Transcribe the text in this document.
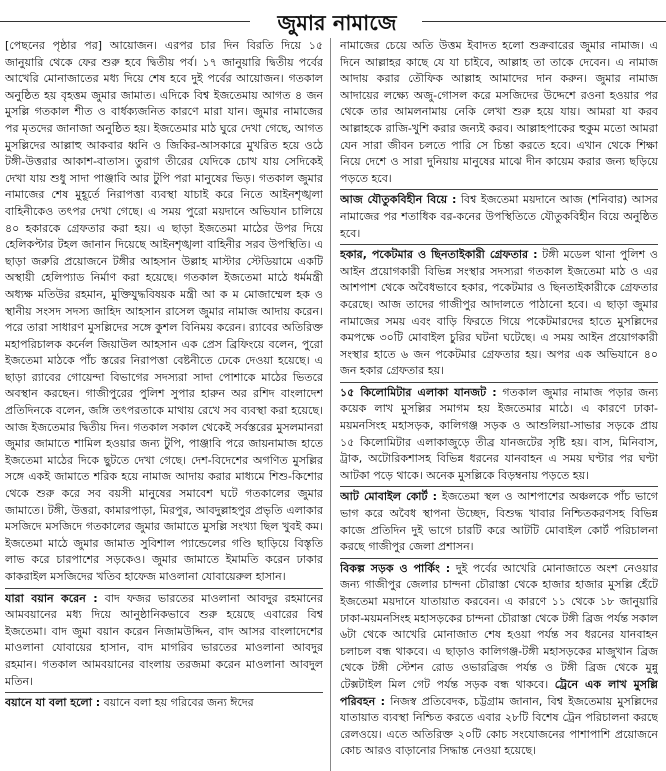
জুমার নামাজে

[পেছনের পৃষ্ঠার পর] আয়োজন। এরপর চার দিন বিরতি দিয়ে ১৫ জানুয়ারি থেকে ফের শুরু হবে দ্বিতীয় পর্ব। ১৭ জানুয়ারি দ্বিতীয় পর্বের আখেরি মোনাজাতের মধ্য দিয়ে শেষ হবে দুই পর্বের আয়োজন। গতকাল অনুষ্ঠিত হয় বৃহত্তম জুমার জামাত। এদিকে বিশ্ব ইজতেমায় আগত ৪ জন মুসল্লি গতকাল শীত ও বার্ধক্যজনিত কারণে মারা যান। জুমার নামাজের পর মৃতদের জানাজা অনুষ্ঠিত হয়। ইজতেমার মাঠ ঘুরে দেখা গেছে, আগত মুসল্লিদের আল্লাহু আকবার ধ্বনি ও জিকির-আসকারে মুখরিত হয়ে ওঠে টঙ্গী-উত্তরার আকাশ-বাতাস। তুরাগ তীরের যেদিকে চোখ যায় সেদিকেই দেখা যায় শুধু সাদা পাঞ্জাবি আর টুপি পরা মানুষের ভিড়। গতকাল জুমার নামাজের শেষ মুহূর্তে নিরাপত্তা ব্যবস্থা যাচাই করে নিতে আইনশৃঙ্খলা বাহিনীকেও তৎপর দেখা গেছে। এ সময় পুরো ময়দানে অভিযান চালিয়ে ৪০ হকারকে গ্রেফতার করা হয়। এ ছাড়া ইজতেমা মাঠের উপর দিয়ে হেলিকপ্টার টহল জানান দিয়েছে আইনশৃঙ্খলা বাহিনীর সরব উপস্থিতি। এ ছাড়া জরুরি প্রয়োজনে টঙ্গীর আহসান উল্লাহ মাস্টার স্টেডিয়ামে একটি অস্থায়ী হেলিপ্যাড নির্মাণ করা হয়েছে। গতকাল ইজতেমা মাঠে ধর্মমন্ত্রী অধ্যক্ষ মতিউর রহমান, মুক্তিযুদ্ধবিষয়ক মন্ত্রী আ ক ম মোজাম্মেল হক ও স্থানীয় সংসদ সদস্য জাহিদ আহসান রাসেল জুমার নামাজ আদায় করেন। পরে তারা সাধারণ মুসল্লিদের সঙ্গে কুশল বিনিময় করেন। র‌্যাবের অতিরিক্ত মহাপরিচালক কর্নেল জিয়াউল আহসান এক প্রেস ব্রিফিংয়ে বলেন, পুরো ইজতেমা মাঠকে পাঁচ স্তরের নিরাপত্তা বেষ্টনীতে ঢেকে দেওয়া হয়েছে। এ ছাড়া র‌্যাবের গোয়েন্দা বিভাগের সদস্যরা সাদা পোশাকে মাঠের ভিতরে অবস্থান করছেন। গাজীপুরের পুলিশ সুপার হারুন অর রশিদ বাংলাদেশ প্রতিদিনকে বলেন, জঙ্গি তৎপরতাকে মাথায় রেখে সব ব্যবস্থা করা হয়েছে। আজ ইজতেমার দ্বিতীয় দিন। গতকাল সকাল থেকেই সর্বস্তরের মুসলমানরা জুমার জামাতে শামিল হওয়ার জন্য টুপি, পাঞ্জাবি পরে জায়নামাজ হাতে ইজতেমা মাঠের দিকে ছুটতে দেখা গেছে। দেশ-বিদেশের অগণিত মুসল্লির সঙ্গে একই জামাতে শরিক হয়ে নামাজ আদায় করার মাধ্যমে শিশু-কিশোর থেকে শুরু করে সব বয়সী মানুষের সমাবেশ ঘটে গতকালের জুমার জামাতে। টঙ্গী, উত্তরা, কামারপাড়া, মিরপুর, আবদুল্লাহপুর প্রভৃতি এলাকার মসজিদে মসজিদে গতকালের জুমার জামাতে মুসল্লি সংখ্যা ছিল খুবই কম। ইজতেমা মাঠে জুমার জামাত সুবিশাল প্যান্ডেলের গণ্ডি ছাড়িয়ে বিস্তৃতি লাভ করে চারপাশের সড়কেও। জুমার জামাতে ইমামতি করেন ঢাকার কাকরাইল মসজিদের খতিব হাফেজ মাওলানা যোবায়েরুল হাসান।

যারা বয়ান করেন : বাদ ফজর ভারতের মাওলানা আবদুর রহমানের আমবয়ানের মধ্য দিয়ে আনুষ্ঠানিকভাবে শুরু হয়েছে এবারের বিশ্ব ইজতেমা। বাদ জুমা বয়ান করেন নিজামউদ্দিন, বাদ আসর বাংলাদেশের মাওলানা যোবায়ের হাসান, বাদ মাগরিব ভারতের মাওলানা আবদুর রহমান। গতকাল আমবয়ানের বাংলায় তরজমা করেন মাওলানা আবদুল মতিন।

বয়ানে যা বলা হলো : বয়ানে বলা হয় গরিবের জন্য ঈদের

নামাজের চেয়ে অতি উত্তম ইবাদত হলো শুক্রবারের জুমার নামাজ। এ দিনে আল্লাহর কাছে যে যা চাইবে, আল্লাহ তা তাকে দেবেন। এ নামাজ আদায় করার তৌফিক আল্লাহ আমাদের দান করুন। জুমার নামাজ আদায়ের লক্ষ্যে অজু-গোসল করে মসজিদের উদ্দেশে রওনা হওয়ার পর থেকে তার আমলনামায় নেকি লেখা শুরু হয়ে যায়। আমরা যা করব আল্লাহকে রাজি-খুশি করার জন্যই করব। আল্লাহপাকের হুকুম মতো আমরা যেন সারা জীবন চলতে পারি সে চিন্তা করতে হবে। এখান থেকে শিক্ষা নিয়ে দেশে ও সারা দুনিয়ায় মানুষের মাঝে দীন কায়েম করার জন্য ছড়িয়ে পড়তে হবে।

আজ যৌতুকবিহীন বিয়ে : বিশ্ব ইজতেমা ময়দানে আজ (শনিবার) আসর নামাজের পর শতাধিক বর-কনের উপস্থিতিতে যৌতুকবিহীন বিয়ে অনুষ্ঠিত হবে।

হকার, পকেটমার ও ছিনতাইকারী গ্রেফতার : টঙ্গী মডেল থানা পুলিশ ও আইন প্রয়োগকারী বিভিন্ন সংস্থার সদস্যরা গতকাল ইজতেমা মাঠ ও এর আশপাশ থেকে অবৈধভাবে হকার, পকেটমার ও ছিনতাইকারীকে গ্রেফতার করেছে। আজ তাদের গাজীপুর আদালতে পাঠানো হবে। এ ছাড়া জুমার নামাজের সময় এবং বাড়ি ফিরতে গিয়ে পকেটমারদের হাতে মুসল্লিদের কমপক্ষে ৩০টি মোবাইল চুরির ঘটনা ঘটেছে। এ সময় আইন প্রয়োগকারী সংস্থার হাতে ৬ জন পকেটমার গ্রেফতার হয়। অপর এক অভিযানে ৪০ জন হকার গ্রেফতার হয়।

১৫ কিলোমিটার এলাকা যানজট : গতকাল জুমার নামাজ পড়ার জন্য কয়েক লাখ মুসল্লির সমাগম হয় ইজতেমার মাঠে। এ কারণে ঢাকা-ময়মনসিংহ মহাসড়ক, কালিগঞ্জ সড়ক ও আশুলিয়া-সাভার সড়কে প্রায় ১৫ কিলোমিটার এলাকাজুড়ে তীব্র যানজটের সৃষ্টি হয়। বাস, মিনিবাস, ট্রাক, অটোরিকশাসহ বিভিন্ন ধরনের যানবাহন এ সময় ঘণ্টার পর ঘণ্টা আটকা পড়ে থাকে। অনেক মুসল্লিকে বিড়ম্বনায় পড়তে হয়।

আট মোবাইল কোর্ট : ইজতেমা স্থল ও আশপাশের অঞ্চলকে পাঁচ ভাগে ভাগ করে অবৈধ স্থাপনা উচ্ছেদ, বিশুদ্ধ খাবার নিশ্চিতকরণসহ বিভিন্ন কাজে প্রতিদিন দুই ভাগে চারটি করে আটটি মোবাইল কোর্ট পরিচালনা করছে গাজীপুর জেলা প্রশাসন।

বিকল্প সড়ক ও পার্কিং : দুই পর্বের আখেরি মোনাজাতে অংশ নেওয়ার জন্য গাজীপুর জেলার চান্দনা চৌরাস্তা থেকে হাজার হাজার মুসল্লি হেঁটে ইজতেমা ময়দানে যাতায়াত করবেন। এ কারণে ১১ থেকে ১৮ জানুয়ারি ঢাকা-ময়মনসিংহ মহাসড়কের চান্দনা চৌরাস্তা থেকে টঙ্গী ব্রিজ পর্যন্ত সকাল ৬টা থেকে আখেরি মোনাজাত শেষ হওয়া পর্যন্ত সব ধরনের যানবাহন চলাচল বন্ধ থাকবে। এ ছাড়াও কালিগঞ্জ-টঙ্গী মহাসড়কের মাজুখান ব্রিজ থেকে টঙ্গী স্টেশন রোড ওভারব্রিজ পর্যন্ত ও টঙ্গী ব্রিজ থেকে মুন্নু টেক্সটাইল মিল গেট পর্যন্ত সড়ক বন্ধ থাকবে। ট্রেনে এক লাখ মুসল্লি পরিবহন : নিজস্ব প্রতিবেদক, চট্টগ্রাম জানান, বিশ্ব ইজতেমায় মুসল্লিদের যাতায়াত ব্যবস্থা নিশ্চিত করতে এবার ২৮টি বিশেষ ট্রেন পরিচালনা করছে রেলওয়ে। এতে অতিরিক্ত ২০টি কোচ সংযোজনের পাশাপাশি প্রয়োজনে কোচ আরও বাড়ানোর সিদ্ধান্ত নেওয়া হয়েছে।
